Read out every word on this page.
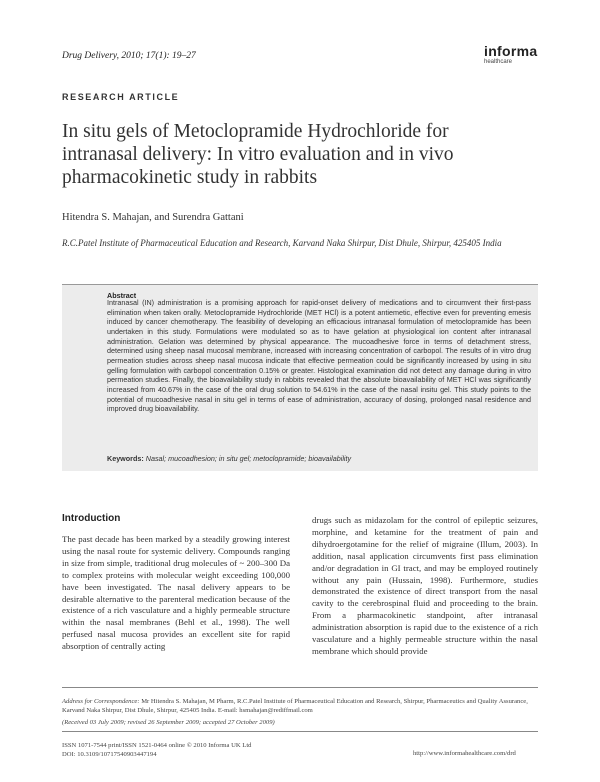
Drug Delivery, 2010; 17(1): 19–27	informa
healthcare
RESEARCH ARTICLE
In situ gels of Metoclopramide Hydrochloride for
intranasal delivery: In vitro evaluation and in vivo
pharmacokinetic study in rabbits
Hitendra S. Mahajan, and Surendra Gattani
R.C.Patel Institute of Pharmaceutical Education and Research, Karvand Naka Shirpur, Dist Dhule, Shirpur, 425405 India
Abstract
Intranasal (IN) administration is a promising approach for rapid-onset delivery of medications and to circumvent their first-pass elimination when taken orally. Metoclopramide Hydrochloride (MET HCl) is a potent antiemetic, effective even for preventing emesis induced by cancer chemotherapy. The feasibility of developing an efficacious intranasal formulation of metoclopramide has been undertaken in this study. Formulations were modulated so as to have gelation at physiological ion content after intranasal administration. Gelation was determined by physical appearance. The mucoadhesive force in terms of detachment stress, determined using sheep nasal mucosal membrane, increased with increasing concentration of carbopol. The results of in vitro drug permeation studies across sheep nasal mucosa indicate that effective permeation could be significantly increased by using in situ gelling formulation with carbopol concentration 0.15% or greater. Histological examination did not detect any damage during in vitro permeation studies. Finally, the bioavailability study in rabbits revealed that the absolute bioavailability of MET HCl was significantly increased from 40.67% in the case of the oral drug solution to 54.61% in the case of the nasal insitu gel. This study points to the potential of mucoadhesive nasal in situ gel in terms of ease of administration, accuracy of dosing, prolonged nasal residence and improved drug bioavailability.
Keywords: Nasal; mucoadhesion; in situ gel; metoclopramide; bioavailability
Introduction
The past decade has been marked by a steadily growing interest using the nasal route for systemic delivery. Compounds ranging in size from simple, traditional drug molecules of ~ 200–300 Da to complex proteins with molecular weight exceeding 100,000 have been investigated. The nasal delivery appears to be desirable alternative to the parenteral medication because of the existence of a rich vasculature and a highly permeable structure within the nasal membranes (Behl et al., 1998). The well perfused nasal mucosa provides an excellent site for rapid absorption of centrally acting
drugs such as midazolam for the control of epileptic seizures, morphine, and ketamine for the treatment of pain and dihydroergotamine for the relief of migraine (Illum, 2003). In addition, nasal application circumvents first pass elimination and/or degradation in GI tract, and may be employed routinely without any pain (Hussain, 1998). Furthermore, studies demonstrated the existence of direct transport from the nasal cavity to the cerebrospinal fluid and proceeding to the brain. From a pharmacokinetic standpoint, after intranasal administration absorption is rapid due to the existence of a rich vasculature and a highly permeable structure within the nasal membrane which should provide
Address for Correspondence: Mr Hitendra S. Mahajan, M Pharm, R.C.Patel Institute of Pharmaceutical Education and Research, Shirpur, Pharmaceutics and Quality Assurance, Karvand Naka Shirpur, Dist Dhule, Shirpur, 425405 India. E-mail: hsmahajan@rediffmail.com
(Received 03 July 2009; revised 26 September 2009; accepted 27 October 2009)
ISSN 1071-7544 print/ISSN 1521-0464 online © 2010 Informa UK Ltd
DOI: 10.3109/10717540903447194	http://www.informahealthcare.com/drd
